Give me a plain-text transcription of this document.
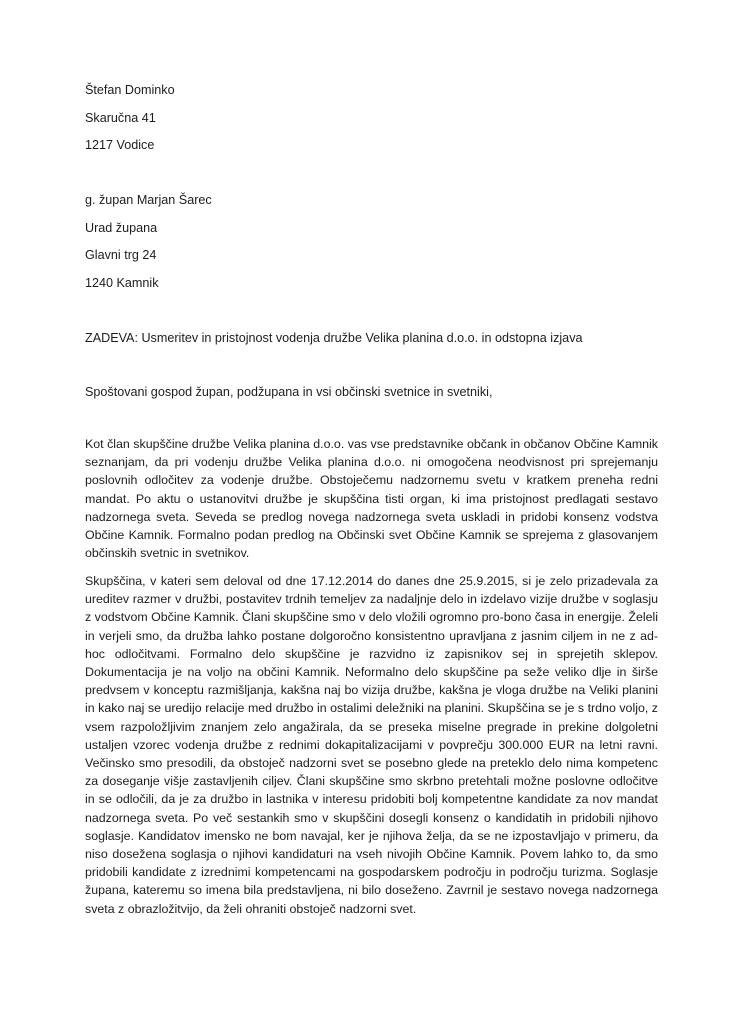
Štefan Dominko
Skaručna 41
1217 Vodice
g. župan Marjan Šarec
Urad župana
Glavni trg 24
1240 Kamnik
ZADEVA: Usmeritev in pristojnost vodenja družbe Velika planina d.o.o. in odstopna izjava
Spoštovani gospod župan, podžupana in vsi občinski svetnice in svetniki,

Kot član skupščine družbe Velika planina d.o.o. vas vse predstavnike občank in občanov Občine Kamnik seznanjam, da pri vodenju družbe Velika planina d.o.o. ni omogočena neodvisnost pri sprejemanju poslovnih odločitev za vodenje družbe. Obstoječemu nadzornemu svetu v kratkem preneha redni mandat. Po aktu o ustanovitvi družbe je skupščina tisti organ, ki ima pristojnost predlagati sestavo nadzornega sveta. Seveda se predlog novega nadzornega sveta uskladi in pridobi konsenz vodstva Občine Kamnik. Formalno podan predlog na Občinski svet Občine Kamnik se sprejema z glasovanjem občinskih svetnic in svetnikov.

Skupščina, v kateri sem deloval od dne 17.12.2014 do danes dne 25.9.2015, si je zelo prizadevala za ureditev razmer v družbi, postavitev trdnih temeljev za nadaljnje delo in izdelavo vizije družbe v soglasju z vodstvom Občine Kamnik. Člani skupščine smo v delo vložili ogromno pro-bono časa in energije. Želeli in verjeli smo, da družba lahko postane dolgoročno konsistentno upravljana z jasnim ciljem in ne z ad-hoc odločitvami. Formalno delo skupščine je razvidno iz zapisnikov sej in sprejetih sklepov. Dokumentacija je na voljo na občini Kamnik. Neformalno delo skupščine pa seže veliko dlje in širše predvsem v konceptu razmišljanja, kakšna naj bo vizija družbe, kakšna je vloga družbe na Veliki planini in kako naj se uredijo relacije med družbo in ostalimi deležniki na planini. Skupščina se je s trdno voljo, z vsem razpoložljivim znanjem zelo angažirala, da se preseka miselne pregrade in prekine dolgoletni ustaljen vzorec vodenja družbe z rednimi dokapitalizacijami v povprečju 300.000 EUR na letni ravni. Večinsko smo presodili, da obstoječ nadzorni svet se posebno glede na preteklo delo nima kompetenc za doseganje višje zastavljenih ciljev. Člani skupščine smo skrbno pretehtali možne poslovne odločitve in se odločili, da je za družbo in lastnika v interesu pridobiti bolj kompetentne kandidate za nov mandat nadzornega sveta. Po več sestankih smo v skupščini dosegli konsenz o kandidatih in pridobili njihovo soglasje. Kandidatov imensko ne bom navajal, ker je njihova želja, da se ne izpostavljajo v primeru, da niso dosežena soglasja o njihovi kandidaturi na vseh nivojih Občine Kamnik. Povem lahko to, da smo pridobili kandidate z izrednimi kompetencami na gospodarskem področju in področju turizma. Soglasje župana, kateremu so imena bila predstavljena, ni bilo doseženo. Zavrnil je sestavo novega nadzornega sveta z obrazložitvijo, da želi ohraniti obstoječ nadzorni svet.
